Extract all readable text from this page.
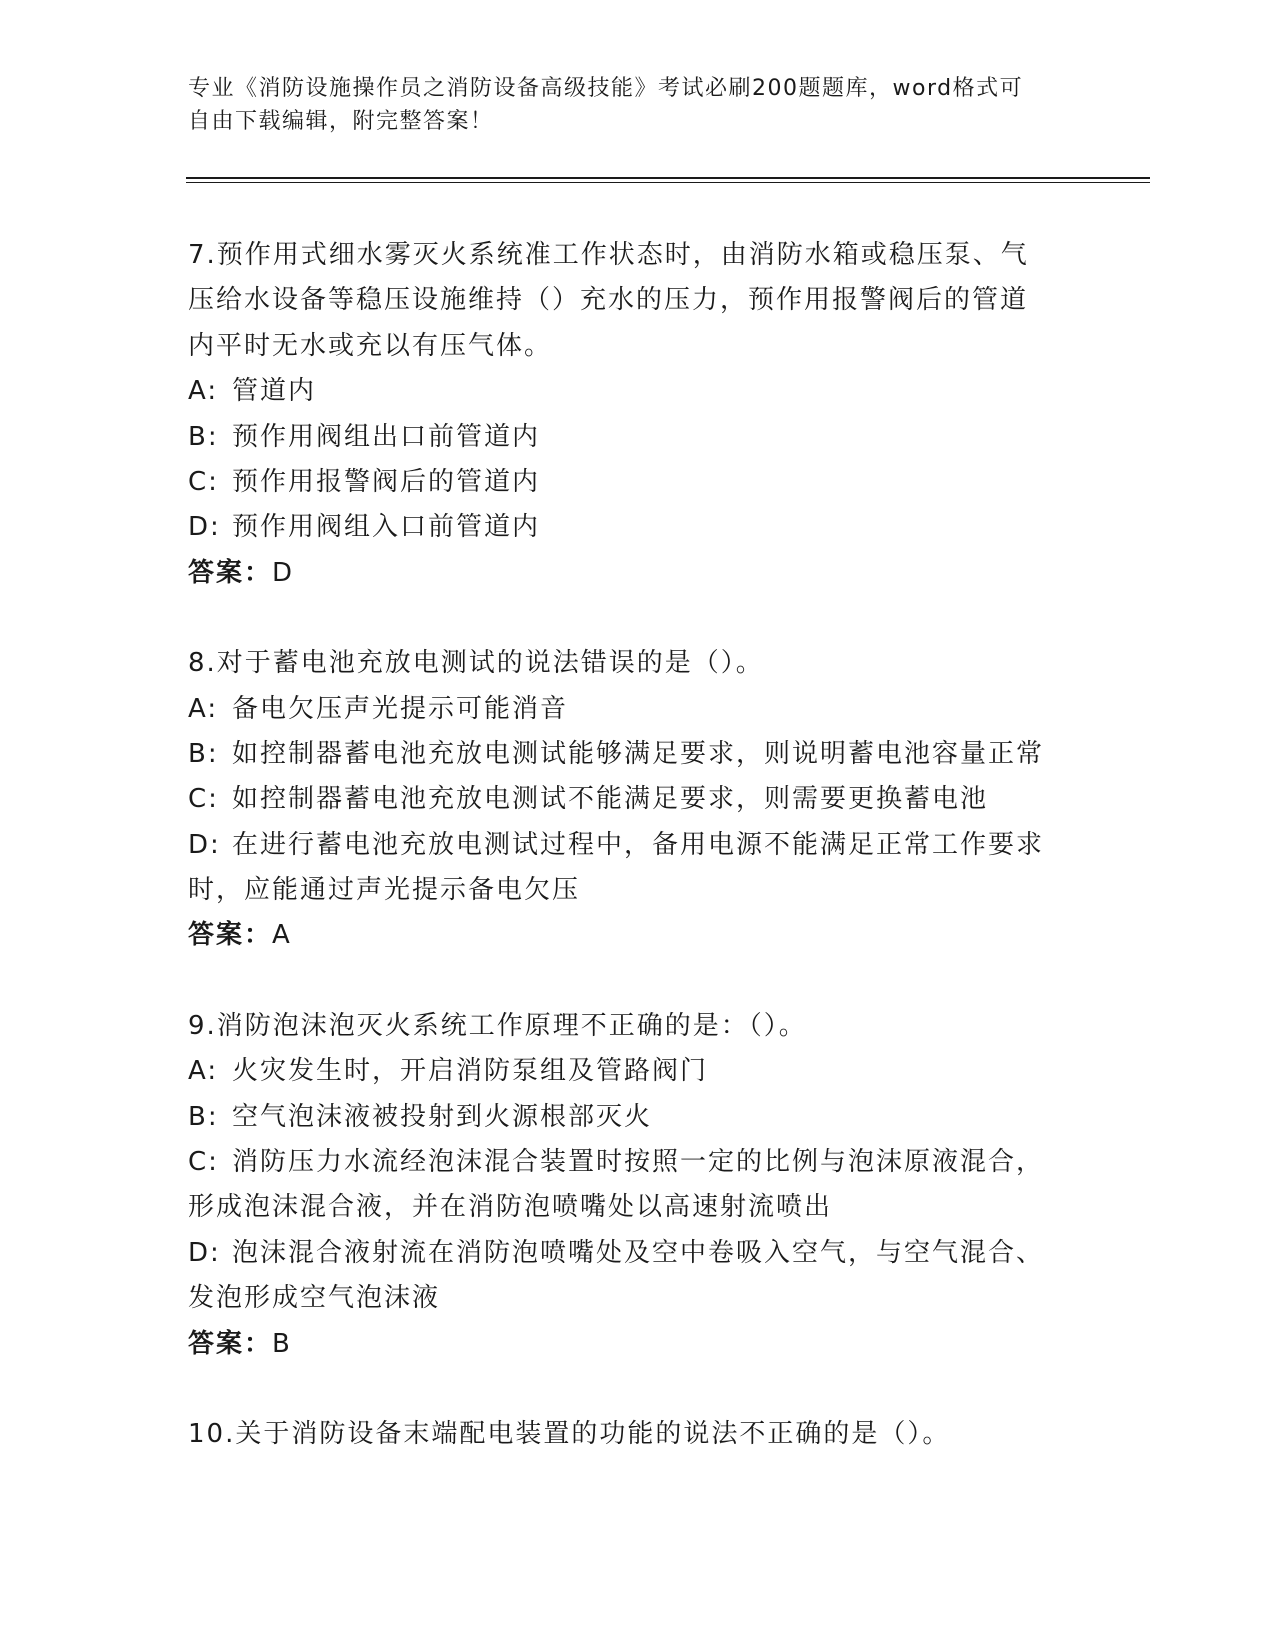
专业《消防设施操作员之消防设备高级技能》考试必刷200题题库，word格式可
自由下载编辑，附完整答案！
7.预作用式细水雾灭火系统准工作状态时，由消防水箱或稳压泵、气
压给水设备等稳压设施维持（）充水的压力，预作用报警阀后的管道
内平时无水或充以有压气体。
A: 管道内
B: 预作用阀组出口前管道内
C: 预作用报警阀后的管道内
D: 预作用阀组入口前管道内
答案：D
8.对于蓄电池充放电测试的说法错误的是（）。
A: 备电欠压声光提示可能消音
B: 如控制器蓄电池充放电测试能够满足要求，则说明蓄电池容量正常
C: 如控制器蓄电池充放电测试不能满足要求，则需要更换蓄电池
D: 在进行蓄电池充放电测试过程中，备用电源不能满足正常工作要求
时，应能通过声光提示备电欠压
答案：A
9.消防泡沫泡灭火系统工作原理不正确的是：（）。
A: 火灾发生时，开启消防泵组及管路阀门
B: 空气泡沫液被投射到火源根部灭火
C: 消防压力水流经泡沫混合装置时按照一定的比例与泡沫原液混合，
形成泡沫混合液，并在消防泡喷嘴处以高速射流喷出
D: 泡沫混合液射流在消防泡喷嘴处及空中卷吸入空气，与空气混合、
发泡形成空气泡沫液
答案：B
10.关于消防设备末端配电装置的功能的说法不正确的是（）。
